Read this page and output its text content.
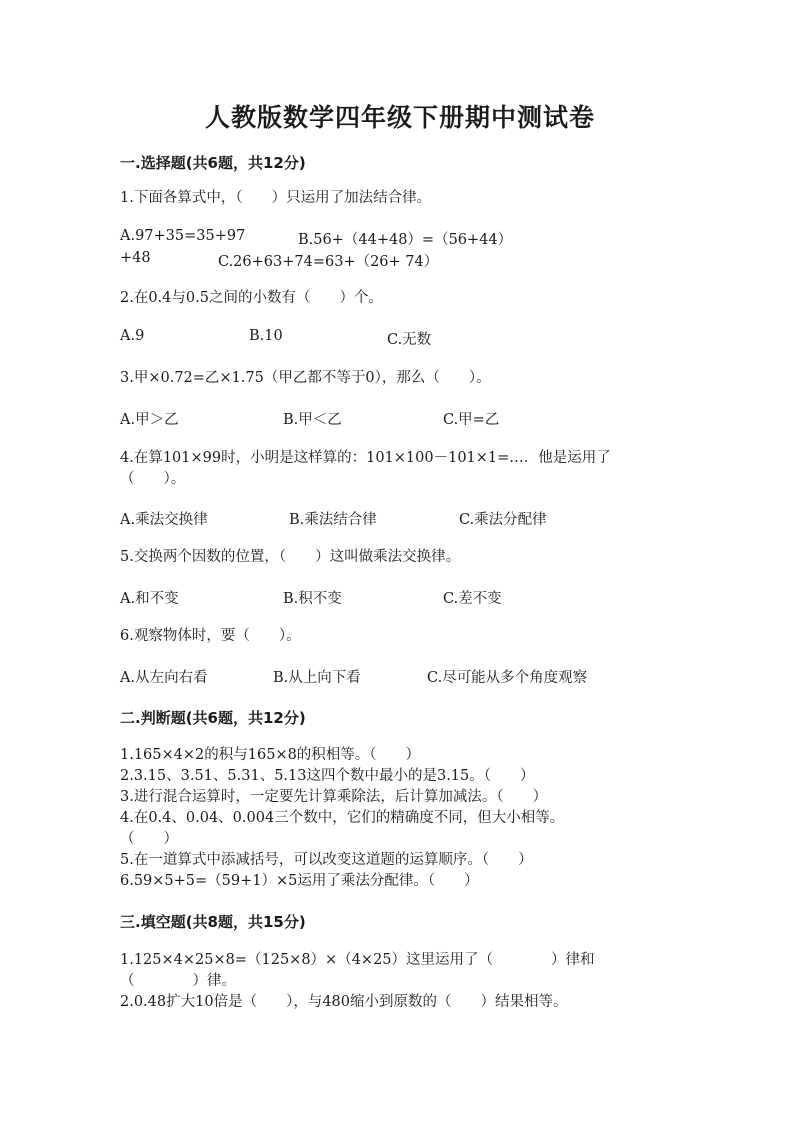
人教版数学四年级下册期中测试卷
一.选择题(共6题，共12分)
1.下面各算式中，（　　）只运用了加法结合律。
A.97+35=35+97	B.56+（44+48）=（56+44）
+48	C.26+63+74=63+（26+ 74）
2.在0.4与0.5之间的小数有（　　）个。
A.9	B.10	C.无数
3.甲×0.72=乙×1.75（甲乙都不等于0），那么（　　）。
A.甲＞乙	B.甲＜乙	C.甲=乙
4.在算101×99时，小明是这样算的：101×100－101×1=…．他是运用了
（　　）。
A.乘法交换律	B.乘法结合律	C.乘法分配律
5.交换两个因数的位置，（　　）这叫做乘法交换律。
A.和不变	B.积不变	C.差不变
6.观察物体时，要（　　）。
A.从左向右看	B.从上向下看	C.尽可能从多个角度观察
二.判断题(共6题，共12分)
1.165×4×2的积与165×8的积相等。（　　）
2.3.15、3.51、5.31、5.13这四个数中最小的是3.15。（　　）
3.进行混合运算时，一定要先计算乘除法，后计算加减法。（　　）
4.在0.4、0.04、0.004三个数中，它们的精确度不同，但大小相等。
（　　）
5.在一道算式中添减括号，可以改变这道题的运算顺序。（　　）
6.59×5+5=（59+1）×5运用了乘法分配律。（　　）
三.填空题(共8题，共15分)
1.125×4×25×8=（125×8）×（4×25）这里运用了（　　　　）律和
（　　　　）律。
2.0.48扩大10倍是（　　），与480缩小到原数的（　　）结果相等。
